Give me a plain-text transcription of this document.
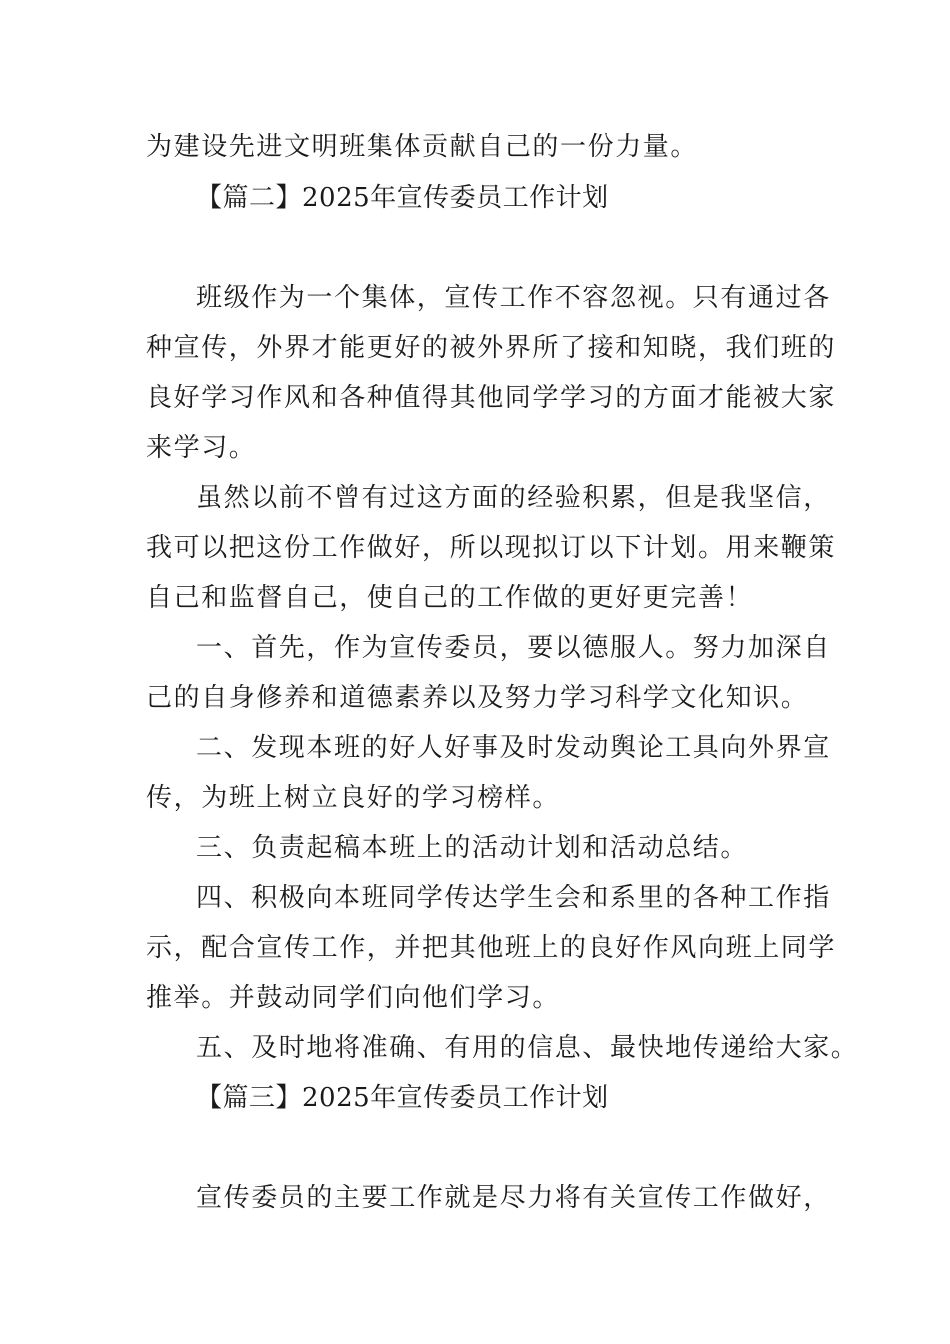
为建设先进文明班集体贡献自己的一份力量。
【篇二】2025年宣传委员工作计划
班级作为一个集体，宣传工作不容忽视。只有通过各
种宣传，外界才能更好的被外界所了接和知晓，我们班的
良好学习作风和各种值得其他同学学习的方面才能被大家
来学习。
虽然以前不曾有过这方面的经验积累，但是我坚信，
我可以把这份工作做好，所以现拟订以下计划。用来鞭策
自己和监督自己，使自己的工作做的更好更完善！
一、首先，作为宣传委员，要以德服人。努力加深自
己的自身修养和道德素养以及努力学习科学文化知识。
二、发现本班的好人好事及时发动舆论工具向外界宣
传，为班上树立良好的学习榜样。
三、负责起稿本班上的活动计划和活动总结。
四、积极向本班同学传达学生会和系里的各种工作指
示，配合宣传工作，并把其他班上的良好作风向班上同学
推举。并鼓动同学们向他们学习。
五、及时地将准确、有用的信息、最快地传递给大家。
【篇三】2025年宣传委员工作计划
宣传委员的主要工作就是尽力将有关宣传工作做好，
